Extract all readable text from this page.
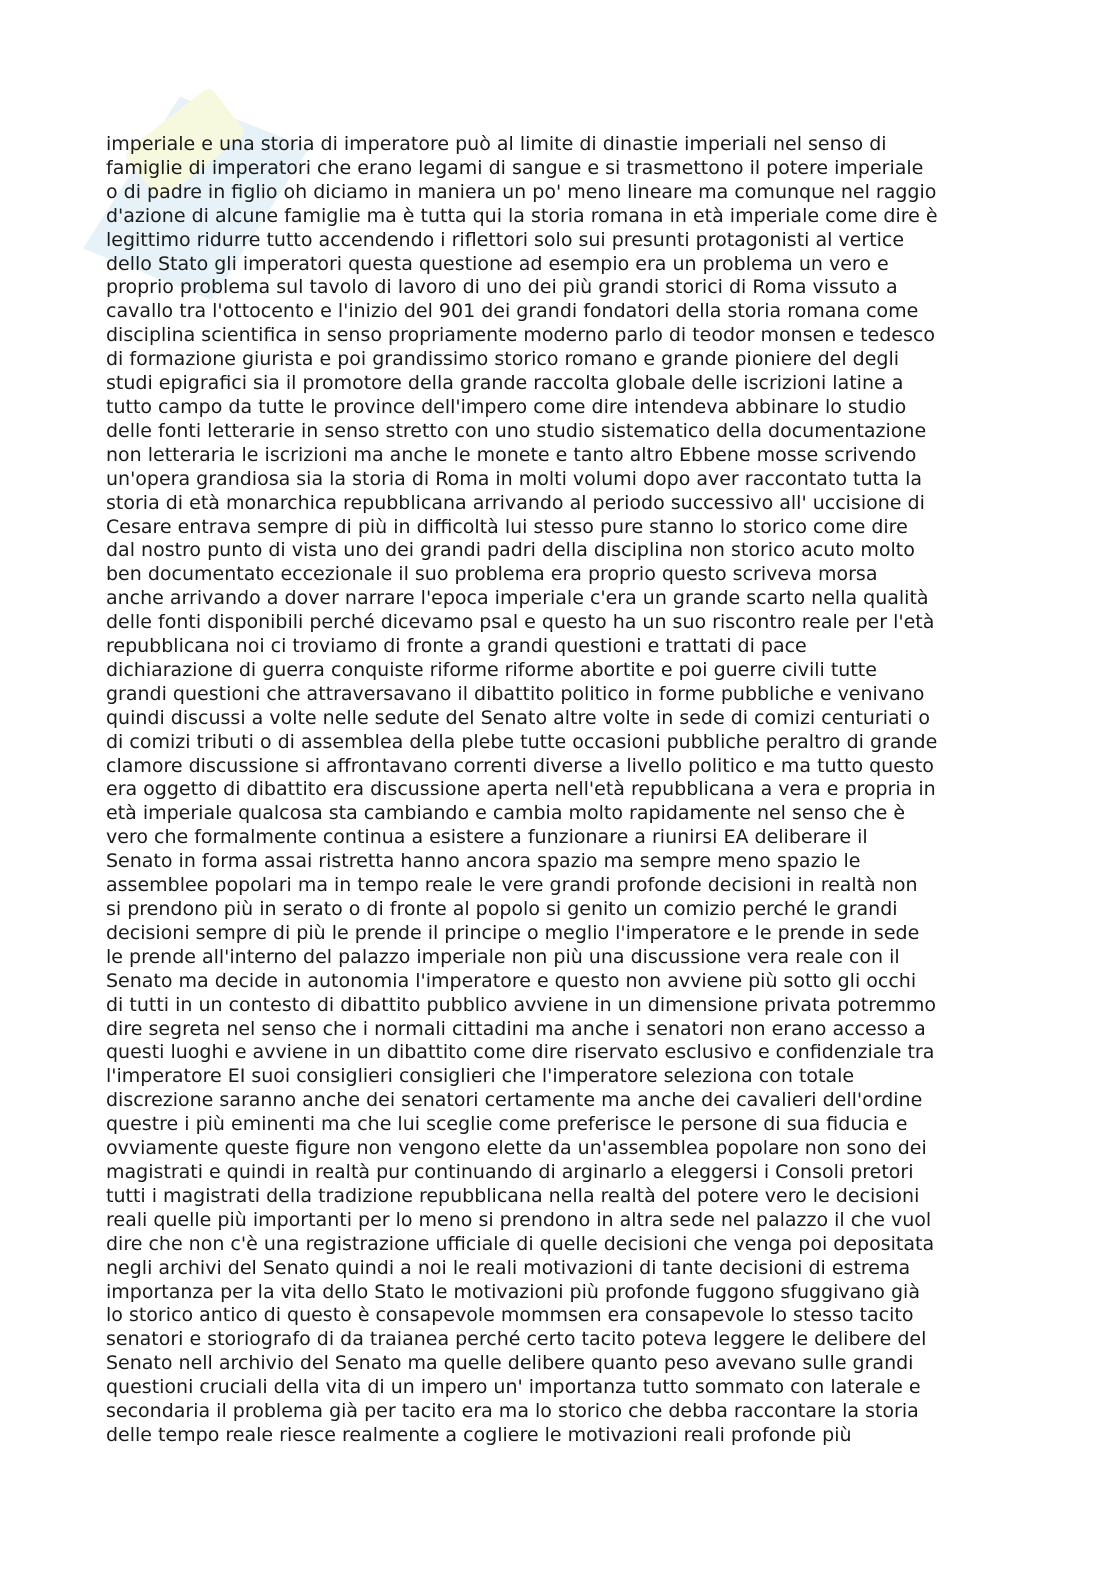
imperiale e una storia di imperatore può al limite di dinastie imperiali nel senso di
famiglie di imperatori che erano legami di sangue e si trasmettono il potere imperiale
o di padre in figlio oh diciamo in maniera un po' meno lineare ma comunque nel raggio
d'azione di alcune famiglie ma è tutta qui la storia romana in età imperiale come dire è
legittimo ridurre tutto accendendo i riflettori solo sui presunti protagonisti al vertice
dello Stato gli imperatori questa questione ad esempio era un problema un vero e
proprio problema sul tavolo di lavoro di uno dei più grandi storici di Roma vissuto a
cavallo tra l'ottocento e l'inizio del 901 dei grandi fondatori della storia romana come
disciplina scientifica in senso propriamente moderno parlo di teodor monsen e tedesco
di formazione giurista e poi grandissimo storico romano e grande pioniere del degli
studi epigrafici sia il promotore della grande raccolta globale delle iscrizioni latine a
tutto campo da tutte le province dell'impero come dire intendeva abbinare lo studio
delle fonti letterarie in senso stretto con uno studio sistematico della documentazione
non letteraria le iscrizioni ma anche le monete e tanto altro Ebbene mosse scrivendo
un'opera grandiosa sia la storia di Roma in molti volumi dopo aver raccontato tutta la
storia di età monarchica repubblicana arrivando al periodo successivo all' uccisione di
Cesare entrava sempre di più in difficoltà lui stesso pure stanno lo storico come dire
dal nostro punto di vista uno dei grandi padri della disciplina non storico acuto molto
ben documentato eccezionale il suo problema era proprio questo scriveva morsa
anche arrivando a dover narrare l'epoca imperiale c'era un grande scarto nella qualità
delle fonti disponibili perché dicevamo psal e questo ha un suo riscontro reale per l'età
repubblicana noi ci troviamo di fronte a grandi questioni e trattati di pace
dichiarazione di guerra conquiste riforme riforme abortite e poi guerre civili tutte
grandi questioni che attraversavano il dibattito politico in forme pubbliche e venivano
quindi discussi a volte nelle sedute del Senato altre volte in sede di comizi centuriati o
di comizi tributi o di assemblea della plebe tutte occasioni pubbliche peraltro di grande
clamore discussione si affrontavano correnti diverse a livello politico e ma tutto questo
era oggetto di dibattito era discussione aperta nell'età repubblicana a vera e propria in
età imperiale qualcosa sta cambiando e cambia molto rapidamente nel senso che è
vero che formalmente continua a esistere a funzionare a riunirsi EA deliberare il
Senato in forma assai ristretta hanno ancora spazio ma sempre meno spazio le
assemblee popolari ma in tempo reale le vere grandi profonde decisioni in realtà non
si prendono più in serato o di fronte al popolo si genito un comizio perché le grandi
decisioni sempre di più le prende il principe o meglio l'imperatore e le prende in sede
le prende all'interno del palazzo imperiale non più una discussione vera reale con il
Senato ma decide in autonomia l'imperatore e questo non avviene più sotto gli occhi
di tutti in un contesto di dibattito pubblico avviene in un dimensione privata potremmo
dire segreta nel senso che i normali cittadini ma anche i senatori non erano accesso a
questi luoghi e avviene in un dibattito come dire riservato esclusivo e confidenziale tra
l'imperatore EI suoi consiglieri consiglieri che l'imperatore seleziona con totale
discrezione saranno anche dei senatori certamente ma anche dei cavalieri dell'ordine
questre i più eminenti ma che lui sceglie come preferisce le persone di sua fiducia e
ovviamente queste figure non vengono elette da un'assemblea popolare non sono dei
magistrati e quindi in realtà pur continuando di arginarlo a eleggersi i Consoli pretori
tutti i magistrati della tradizione repubblicana nella realtà del potere vero le decisioni
reali quelle più importanti per lo meno si prendono in altra sede nel palazzo il che vuol
dire che non c'è una registrazione ufficiale di quelle decisioni che venga poi depositata
negli archivi del Senato quindi a noi le reali motivazioni di tante decisioni di estrema
importanza per la vita dello Stato le motivazioni più profonde fuggono sfuggivano già
lo storico antico di questo è consapevole mommsen era consapevole lo stesso tacito
senatori e storiografo di da traianea perché certo tacito poteva leggere le delibere del
Senato nell archivio del Senato ma quelle delibere quanto peso avevano sulle grandi
questioni cruciali della vita di un impero un' importanza tutto sommato con laterale e
secondaria il problema già per tacito era ma lo storico che debba raccontare la storia
delle tempo reale riesce realmente a cogliere le motivazioni reali profonde più
